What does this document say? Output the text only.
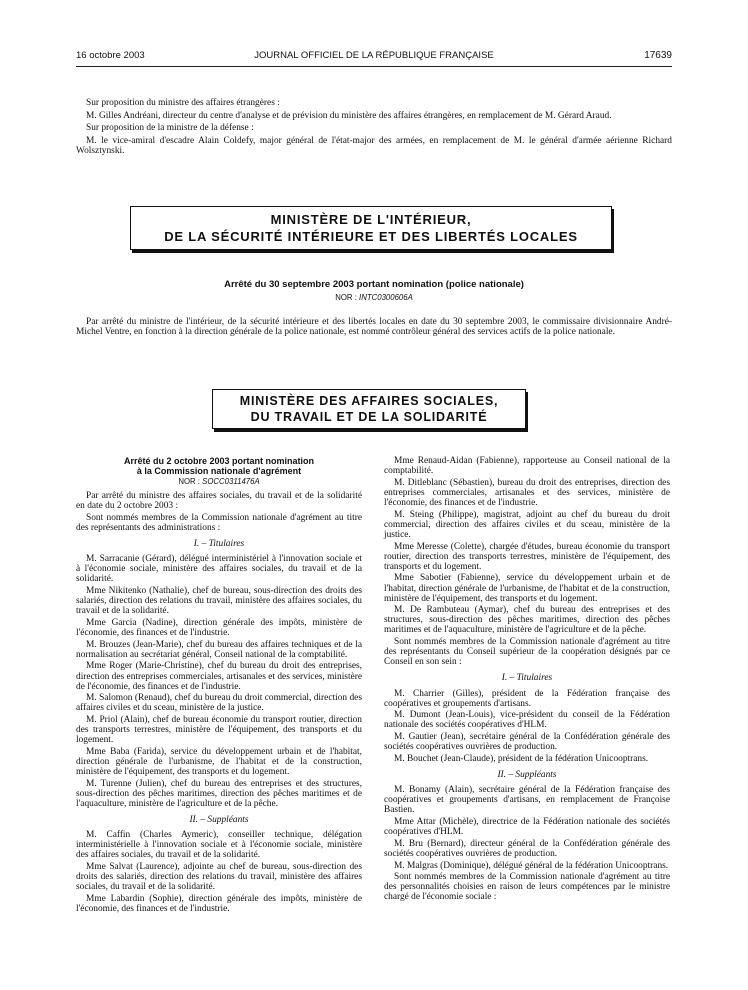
16 octobre 2003	JOURNAL OFFICIEL DE LA RÉPUBLIQUE FRANÇAISE	17639

Sur proposition du ministre des affaires étrangères :

M. Gilles Andréani, directeur du centre d'analyse et de prévision du ministère des affaires étrangères, en remplacement de M. Gérard Araud.

Sur proposition de la ministre de la défense :

M. le vice-amiral d'escadre Alain Coldefy, major général de l'état-major des armées, en remplacement de M. le général d'armée aérienne Richard Wolsztynski.

MINISTÈRE DE L'INTÉRIEUR,
DE LA SÉCURITÉ INTÉRIEURE ET DES LIBERTÉS LOCALES
Arrêté du 30 septembre 2003 portant nomination (police nationale)
NOR : INTC0300606A

Par arrêté du ministre de l'intérieur, de la sécurité intérieure et des libertés locales en date du 30 septembre 2003, le commissaire divisionnaire André-Michel Ventre, en fonction à la direction générale de la police nationale, est nommé contrôleur général des services actifs de la police nationale.

MINISTÈRE DES AFFAIRES SOCIALES,
DU TRAVAIL ET DE LA SOLIDARITÉ

Arrêté du 2 octobre 2003 portant nomination

à la Commission nationale d'agrément

NOR : SOCC0311476A

Par arrêté du ministre des affaires sociales, du travail et de la solidarité en date du 2 octobre 2003 :

Sont nommés membres de la Commission nationale d'agrément au titre des représentants des administrations :

I. – Titulaires

M. Sarracanie (Gérard), délégué interministériel à l'innovation sociale et à l'économie sociale, ministère des affaires sociales, du travail et de la solidarité.

Mme Nikitenko (Nathalie), chef de bureau, sous-direction des droits des salariés, direction des relations du travail, ministère des affaires sociales, du travail et de la solidarité.

Mme Garcia (Nadine), direction générale des impôts, ministère de l'économie, des finances et de l'industrie.

M. Brouzes (Jean-Marie), chef du bureau des affaires techniques et de la normalisation au secrétariat général, Conseil national de la comptabilité.

Mme Roger (Marie-Christine), chef du bureau du droit des entreprises, direction des entreprises commerciales, artisanales et des services, ministère de l'économie, des finances et de l'industrie.

M. Salomon (Renaud), chef du bureau du droit commercial, direction des affaires civiles et du sceau, ministère de la justice.

M. Priol (Alain), chef de bureau économie du transport routier, direction des transports terrestres, ministère de l'équipement, des transports et du logement.

Mme Baba (Farida), service du développement urbain et de l'habitat, direction générale de l'urbanisme, de l'habitat et de la construction, ministère de l'équipement, des transports et du logement.

M. Turenne (Julien), chef du bureau des entreprises et des structures, sous-direction des pêches maritimes, direction des pêches maritimes et de l'aquaculture, ministère de l'agriculture et de la pêche.

II. – Suppléants

M. Caffin (Charles Aymeric), conseiller technique, délégation interministérielle à l'innovation sociale et à l'économie sociale, ministère des affaires sociales, du travail et de la solidarité.

Mme Salvat (Laurence), adjointe au chef de bureau, sous-direction des droits des salariés, direction des relations du travail, ministère des affaires sociales, du travail et de la solidarité.

Mme Labardin (Sophie), direction générale des impôts, ministère de l'économie, des finances et de l'industrie.

Mme Renaud-Aidan (Fabienne), rapporteuse au Conseil national de la comptabilité.

M. Ditleblanc (Sébastien), bureau du droit des entreprises, direction des entreprises commerciales, artisanales et des services, ministère de l'économie, des finances et de l'industrie.

M. Steing (Philippe), magistrat, adjoint au chef du bureau du droit commercial, direction des affaires civiles et du sceau, ministère de la justice.

Mme Meresse (Colette), chargée d'études, bureau économie du transport routier, direction des transports terrestres, ministère de l'équipement, des transports et du logement.

Mme Sabotier (Fabienne), service du développement urbain et de l'habitat, direction générale de l'urbanisme, de l'habitat et de la construction, ministère de l'équipement, des transports et du logement.

M. De Rambuteau (Aymar), chef du bureau des entreprises et des structures, sous-direction des pêches maritimes, direction des pêches maritimes et de l'aquaculture, ministère de l'agriculture et de la pêche.

Sont nommés membres de la Commission nationale d'agrément au titre des représentants du Conseil supérieur de la coopération désignés par ce Conseil en son sein :

I. – Titulaires

M. Charrier (Gilles), président de la Fédération française des coopératives et groupements d'artisans.

M. Dumont (Jean-Louis), vice-président du conseil de la Fédération nationale des sociétés coopératives d'HLM.

M. Gautier (Jean), secrétaire général de la Confédération générale des sociétés coopératives ouvrières de production.

M. Bouchet (Jean-Claude), président de la fédération Unicooptrans.

II. – Suppléants

M. Bonamy (Alain), secrétaire général de la Fédération française des coopératives et groupements d'artisans, en remplacement de Françoise Bastien.

Mme Attar (Michèle), directrice de la Fédération nationale des sociétés coopératives d'HLM.

M. Bru (Bernard), directeur général de la Confédération générale des sociétés coopératives ouvrières de production.

M. Malgras (Dominique), délégué général de la fédération Unicooptrans.

Sont nommés membres de la Commission nationale d'agrément au titre des personnalités choisies en raison de leurs compétences par le ministre chargé de l'économie sociale :
